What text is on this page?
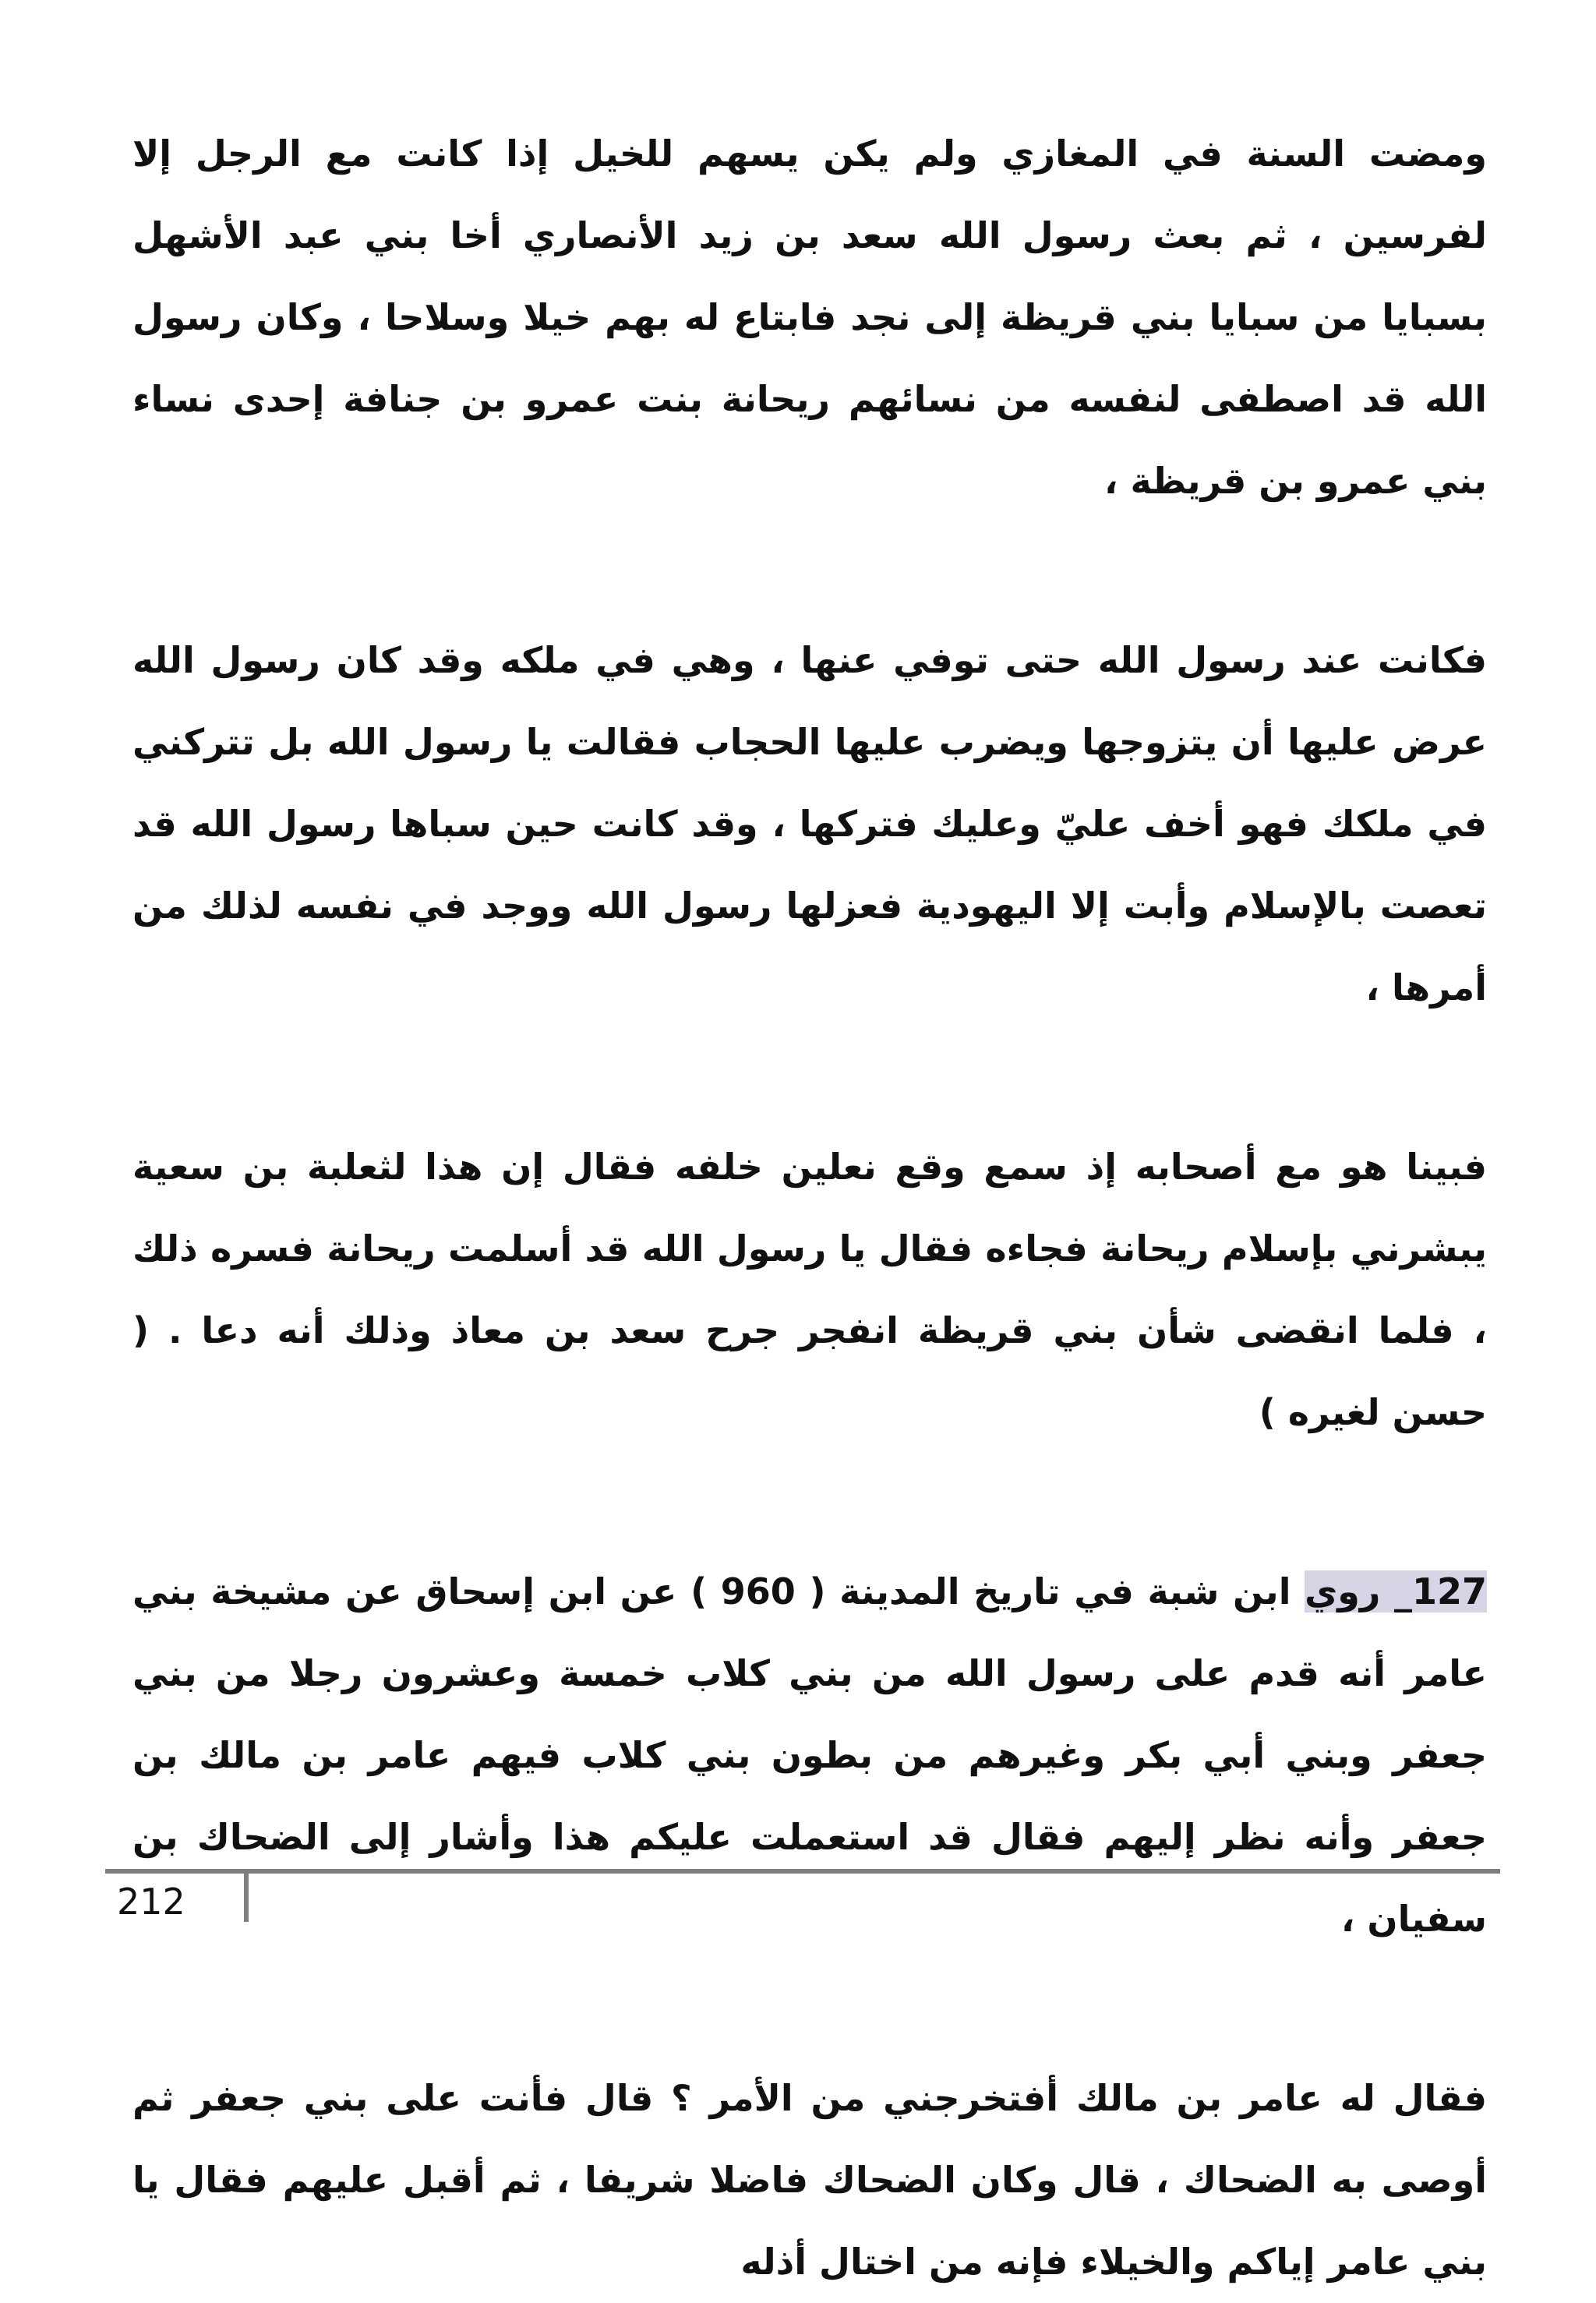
ومضت السنة في المغازي ولم يكن يسهم للخيل إذا كانت مع الرجل إلا لفرسين ، ثم بعث رسول الله سعد بن زيد الأنصاري أخا بني عبد الأشهل بسبايا من سبايا بني قريظة إلى نجد فابتاع له بهم خيلا وسلاحا ، وكان رسول الله قد اصطفى لنفسه من نسائهم ريحانة بنت عمرو بن جنافة إحدى نساء بني عمرو بن قريظة ،

فكانت عند رسول الله حتى توفي عنها ، وهي في ملكه وقد كان رسول الله عرض عليها أن يتزوجها ويضرب عليها الحجاب فقالت يا رسول الله بل تتركني في ملكك فهو أخف عليّ وعليك فتركها ، وقد كانت حين سباها رسول الله قد تعصت بالإسلام وأبت إلا اليهودية فعزلها رسول الله ووجد في نفسه لذلك من أمرها ،

فبينا هو مع أصحابه إذ سمع وقع نعلين خلفه فقال إن هذا لثعلبة بن سعية يبشرني بإسلام ريحانة فجاءه فقال يا رسول الله قد أسلمت ريحانة فسره ذلك ، فلما انقضى شأن بني قريظة انفجر جرح سعد بن معاذ وذلك أنه دعا . ( حسن لغيره )

127_ روي ابن شبة في تاريخ المدينة ( 960 ) عن ابن إسحاق عن مشيخة بني عامر أنه قدم على رسول الله من بني كلاب خمسة وعشرون رجلا من بني جعفر وبني أبي بكر وغيرهم من بطون بني كلاب فيهم عامر بن مالك بن جعفر وأنه نظر إليهم فقال قد استعملت عليكم هذا وأشار إلى الضحاك بن سفيان ،

فقال له عامر بن مالك أفتخرجني من الأمر ؟ قال فأنت على بني جعفر ثم أوصى به الضحاك ، قال وكان الضحاك فاضلا شريفا ، ثم أقبل عليهم فقال يا بني عامر إياكم والخيلاء فإنه من اختال أذله

212
